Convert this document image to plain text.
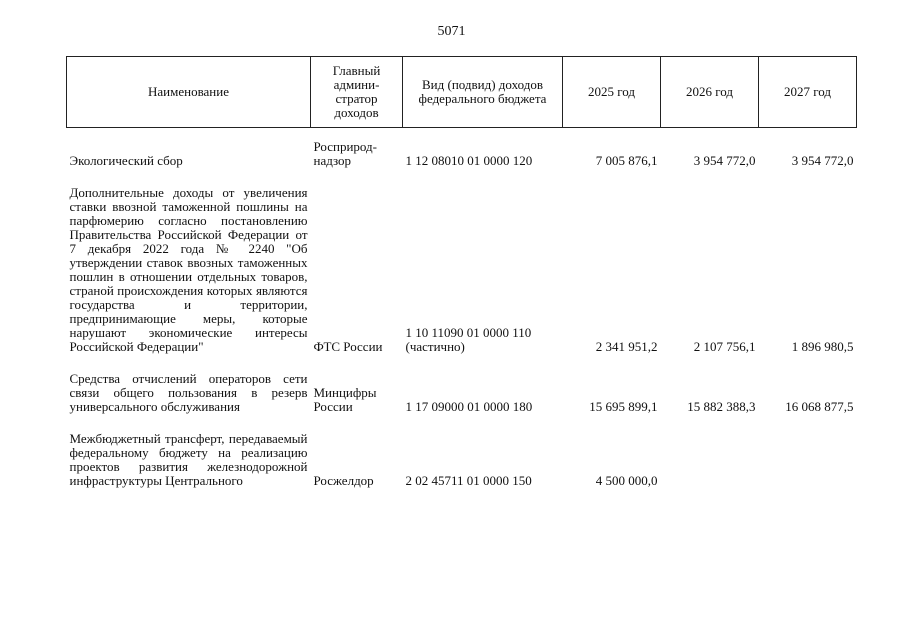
5071
Наименование	Главный админи-стратор доходов	Вид (подвид) доходов федерального бюджета	2025 год	2026 год	2027 год
Экологический сбор	Росприрод-надзор	1 12 08010 01 0000 120	7 005 876,1	3 954 772,0	3 954 772,0
Дополнительные доходы от увеличения ставки ввозной таможенной пошлины на парфюмерию согласно постановлению Правительства Российской Федерации от 7 декабря 2022 года № 2240 "Об утверждении ставок ввозных таможенных пошлин в отношении отдельных товаров, страной происхождения которых являются государства и территории, предпринимающие меры, которые нарушают экономические интересы Российской Федерации"	ФТС России	1 10 11090 01 0000 110 (частично)	2 341 951,2	2 107 756,1	1 896 980,5
Средства отчислений операторов сети связи общего пользования в резерв универсального обслуживания	Минцифры России	1 17 09000 01 0000 180	15 695 899,1	15 882 388,3	16 068 877,5
Межбюджетный трансферт, передаваемый федеральному бюджету на реализацию проектов развития железнодорожной инфраструктуры Центрального	Росжелдор	2 02 45711 01 0000 150	4 500 000,0		
